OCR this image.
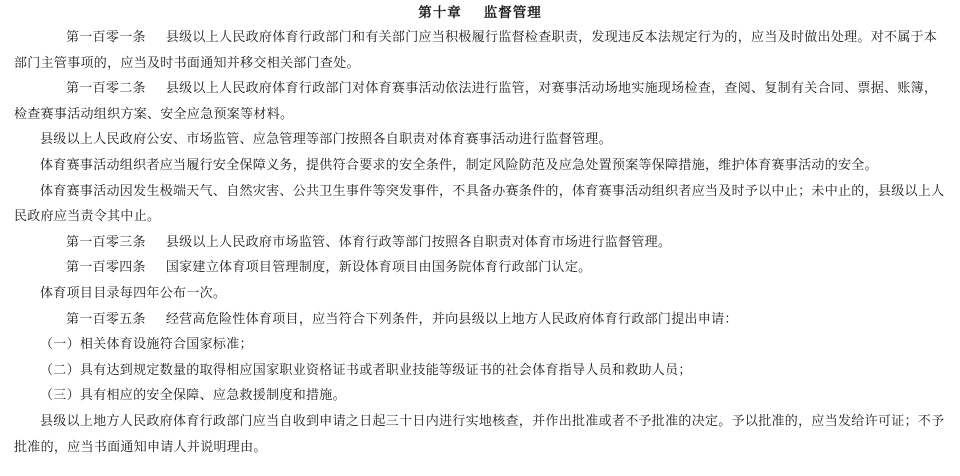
第十章 监督管理

第一百零一条 县级以上人民政府体育行政部门和有关部门应当积极履行监督检查职责，发现违反本法规定行为的，应当及时做出处理。对不属于本部门主管事项的，应当及时书面通知并移交相关部门查处。

第一百零二条 县级以上人民政府体育行政部门对体育赛事活动依法进行监管，对赛事活动场地实施现场检查，查阅、复制有关合同、票据、账簿，检查赛事活动组织方案、安全应急预案等材料。

县级以上人民政府公安、市场监管、应急管理等部门按照各自职责对体育赛事活动进行监督管理。

体育赛事活动组织者应当履行安全保障义务，提供符合要求的安全条件，制定风险防范及应急处置预案等保障措施，维护体育赛事活动的安全。

体育赛事活动因发生极端天气、自然灾害、公共卫生事件等突发事件，不具备办赛条件的，体育赛事活动组织者应当及时予以中止；未中止的，县级以上人民政府应当责令其中止。

第一百零三条 县级以上人民政府市场监管、体育行政等部门按照各自职责对体育市场进行监督管理。

第一百零四条 国家建立体育项目管理制度，新设体育项目由国务院体育行政部门认定。

体育项目目录每四年公布一次。

第一百零五条 经营高危险性体育项目，应当符合下列条件，并向县级以上地方人民政府体育行政部门提出申请：

（一）相关体育设施符合国家标准；

（二）具有达到规定数量的取得相应国家职业资格证书或者职业技能等级证书的社会体育指导人员和救助人员；

（三）具有相应的安全保障、应急救援制度和措施。

县级以上地方人民政府体育行政部门应当自收到申请之日起三十日内进行实地核查，并作出批准或者不予批准的决定。予以批准的，应当发给许可证；不予批准的，应当书面通知申请人并说明理由。
